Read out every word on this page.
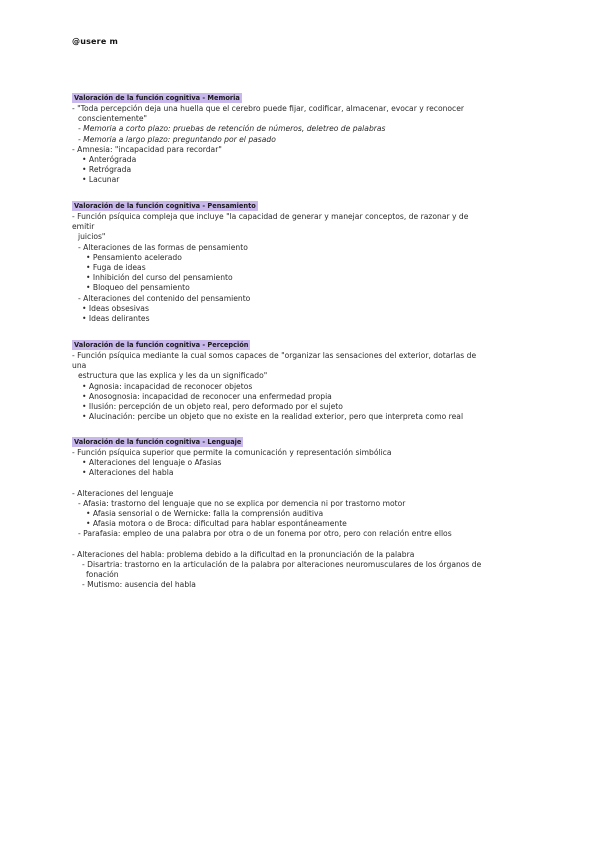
@usere m
Valoración de la función cognitiva - Memoria
- "Toda percepción deja una huella que el cerebro puede fijar, codificar, almacenar, evocar y reconocer
conscientemente"
- Memoria a corto plazo: pruebas de retención de números, deletreo de palabras
- Memoria a largo plazo: preguntando por el pasado
- Amnesia: "incapacidad para recordar"
• Anterógrada
• Retrógrada
• Lacunar
Valoración de la función cognitiva - Pensamiento
- Función psíquica compleja que incluye "la capacidad de generar y manejar conceptos, de razonar y de
emitir
juicios"
- Alteraciones de las formas de pensamiento
• Pensamiento acelerado
• Fuga de ideas
• Inhibición del curso del pensamiento
• Bloqueo del pensamiento
- Alteraciones del contenido del pensamiento
• Ideas obsesivas
• Ideas delirantes
Valoración de la función cognitiva - Percepción
- Función psíquica mediante la cual somos capaces de "organizar las sensaciones del exterior, dotarlas de
una
estructura que las explica y les da un significado"
• Agnosia: incapacidad de reconocer objetos
• Anosognosia: incapacidad de reconocer una enfermedad propia
• Ilusión: percepción de un objeto real, pero deformado por el sujeto
• Alucinación: percibe un objeto que no existe en la realidad exterior, pero que interpreta como real
Valoración de la función cognitiva - Lenguaje
- Función psíquica superior que permite la comunicación y representación simbólica
• Alteraciones del lenguaje o Afasias
• Alteraciones del habla
- Alteraciones del lenguaje
- Afasia: trastorno del lenguaje que no se explica por demencia ni por trastorno motor
• Afasia sensorial o de Wernicke: falla la comprensión auditiva
• Afasia motora o de Broca: dificultad para hablar espontáneamente
- Parafasia: empleo de una palabra por otra o de un fonema por otro, pero con relación entre ellos
- Alteraciones del habla: problema debido a la dificultad en la pronunciación de la palabra
- Disartria: trastorno en la articulación de la palabra por alteraciones neuromusculares de los órganos de
fonación
- Mutismo: ausencia del habla
